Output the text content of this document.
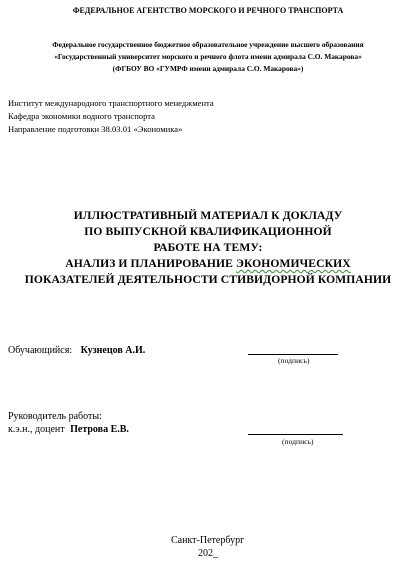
ФЕДЕРАЛЬНОЕ АГЕНТСТВО МОРСКОГО И РЕЧНОГО ТРАНСПОРТА
Федеральное государственное бюджетное образовательное учреждение высшего образования
«Государственный университет морского и речного флота имени адмирала С.О. Макарова»
(ФГБОУ ВО «ГУМРФ имени адмирала С.О. Макарова»)
Институт международного транспортного менеджмента
Кафедра экономики водного транспорта
Направление подготовки 38.03.01 «Экономика»
ИЛЛЮСТРАТИВНЫЙ МАТЕРИАЛ К ДОКЛАДУ
ПО ВЫПУСКНОЙ КВАЛИФИКАЦИОННОЙ
РАБОТЕ НА ТЕМУ:
АНАЛИЗ И ПЛАНИРОВАНИЕ ЭКОНОМИЧЕСКИХ
ПОКАЗАТЕЛЕЙ ДЕЯТЕЛЬНОСТИ СТИВИДОРНОЙ КОМПАНИИ
Обучающийся: Кузнецов А.И.
(подпись)
Руководитель работы:
к.э.н., доцент Петрова Е.В.
(подпись)
Санкт-Петербург
202_
